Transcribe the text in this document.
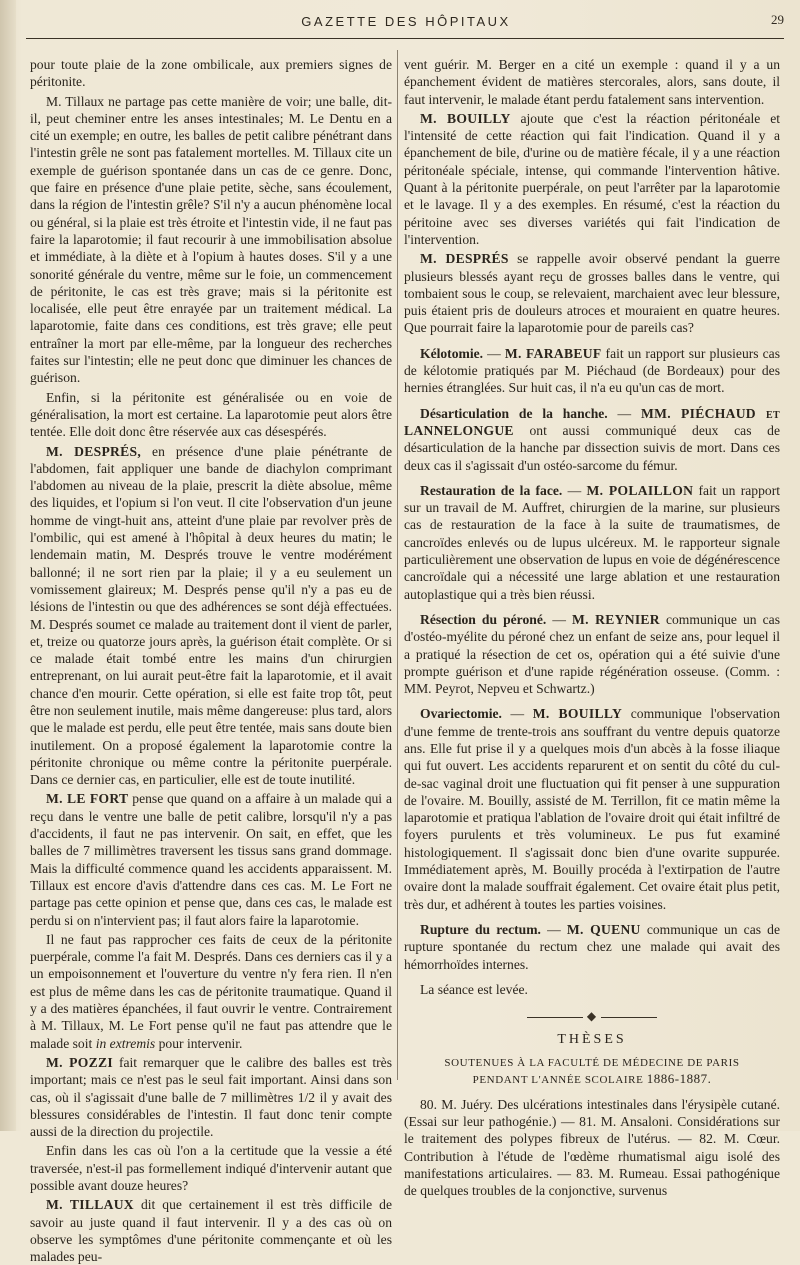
GAZETTE DES HÔPITAUX	29

pour toute plaie de la zone ombilicale, aux premiers signes de péritonite.

M. Tillaux ne partage pas cette manière de voir; une balle, dit-il, peut cheminer entre les anses intestinales; M. Le Dentu en a cité un exemple; en outre, les balles de petit calibre pénétrant dans l'intestin grêle ne sont pas fatalement mortelles. M. Tillaux cite un exemple de guérison spontanée dans un cas de ce genre. Donc, que faire en présence d'une plaie petite, sèche, sans écoulement, dans la région de l'intestin grêle? S'il n'y a aucun phénomène local ou général, si la plaie est très étroite et l'intestin vide, il ne faut pas faire la laparotomie; il faut recourir à une immobilisation absolue et immédiate, à la diète et à l'opium à hautes doses. S'il y a une sonorité générale du ventre, même sur le foie, un commencement de péritonite, le cas est très grave; mais si la péritonite est localisée, elle peut être enrayée par un traitement médical. La laparotomie, faite dans ces conditions, est très grave; elle peut entraîner la mort par elle-même, par la longueur des recherches faites sur l'intestin; elle ne peut donc que diminuer les chances de guérison.

Enfin, si la péritonite est généralisée ou en voie de généralisation, la mort est certaine. La laparotomie peut alors être tentée. Elle doit donc être réservée aux cas désespérés.

M. DESPRÉS, en présence d'une plaie pénétrante de l'abdomen, fait appliquer une bande de diachylon comprimant l'abdomen au niveau de la plaie, prescrit la diète absolue, même des liquides, et l'opium si l'on veut. Il cite l'observation d'un jeune homme de vingt-huit ans, atteint d'une plaie par revolver près de l'ombilic, qui est amené à l'hôpital à deux heures du matin; le lendemain matin, M. Després trouve le ventre modérément ballonné; il ne sort rien par la plaie; il y a eu seulement un vomissement glaireux; M. Després pense qu'il n'y a pas eu de lésions de l'intestin ou que des adhérences se sont déjà effectuées. M. Després soumet ce malade au traitement dont il vient de parler, et, treize ou quatorze jours après, la guérison était complète. Or si ce malade était tombé entre les mains d'un chirurgien entreprenant, on lui aurait peut-être fait la laparotomie, et il avait chance d'en mourir. Cette opération, si elle est faite trop tôt, peut être non seulement inutile, mais même dangereuse: plus tard, alors que le malade est perdu, elle peut être tentée, mais sans doute bien inutilement. On a proposé également la laparotomie contre la péritonite chronique ou même contre la péritonite puerpérale. Dans ce dernier cas, en particulier, elle est de toute inutilité.

M. LE FORT pense que quand on a affaire à un malade qui a reçu dans le ventre une balle de petit calibre, lorsqu'il n'y a pas d'accidents, il faut ne pas intervenir. On sait, en effet, que les balles de 7 millimètres traversent les tissus sans grand dommage. Mais la difficulté commence quand les accidents apparaissent. M. Tillaux est encore d'avis d'attendre dans ces cas. M. Le Fort ne partage pas cette opinion et pense que, dans ces cas, le malade est perdu si on n'intervient pas; il faut alors faire la laparotomie.

Il ne faut pas rapprocher ces faits de ceux de la péritonite puerpérale, comme l'a fait M. Després. Dans ces derniers cas il y a un empoisonnement et l'ouverture du ventre n'y fera rien. Il n'en est plus de même dans les cas de péritonite traumatique. Quand il y a des matières épanchées, il faut ouvrir le ventre. Contrairement à M. Tillaux, M. Le Fort pense qu'il ne faut pas attendre que le malade soit in extremis pour intervenir.

M. POZZI fait remarquer que le calibre des balles est très important; mais ce n'est pas le seul fait important. Ainsi dans son cas, où il s'agissait d'une balle de 7 millimètres 1/2 il y avait des blessures considérables de l'intestin. Il faut donc tenir compte aussi de la direction du projectile.

Enfin dans les cas où l'on a la certitude que la vessie a été traversée, n'est-il pas formellement indiqué d'intervenir autant que possible avant douze heures?

M. TILLAUX dit que certainement il est très difficile de savoir au juste quand il faut intervenir. Il y a des cas où on observe les symptômes d'une péritonite commençante et où les malades peu-

vent guérir. M. Berger en a cité un exemple : quand il y a un épanchement évident de matières stercorales, alors, sans doute, il faut intervenir, le malade étant perdu fatalement sans intervention.

M. BOUILLY ajoute que c'est la réaction péritonéale et l'intensité de cette réaction qui fait l'indication. Quand il y a épanchement de bile, d'urine ou de matière fécale, il y a une réaction péritonéale spéciale, intense, qui commande l'intervention hâtive. Quant à la péritonite puerpérale, on peut l'arrêter par la laparotomie et le lavage. Il y a des exemples. En résumé, c'est la réaction du péritoine avec ses diverses variétés qui fait l'indication de l'intervention.

M. DESPRÉS se rappelle avoir observé pendant la guerre plusieurs blessés ayant reçu de grosses balles dans le ventre, qui tombaient sous le coup, se relevaient, marchaient avec leur blessure, puis étaient pris de douleurs atroces et mouraient en quatre heures. Que pourrait faire la laparotomie pour de pareils cas?

Kélotomie. — M. FARABEUF fait un rapport sur plusieurs cas de kélotomie pratiqués par M. Piéchaud (de Bordeaux) pour des hernies étranglées. Sur huit cas, il n'a eu qu'un cas de mort.

Désarticulation de la hanche. — MM. PIÉCHAUD et LANNELONGUE ont aussi communiqué deux cas de désarticulation de la hanche par dissection suivis de mort. Dans ces deux cas il s'agissait d'un ostéo-sarcome du fémur.

Restauration de la face. — M. POLAILLON fait un rapport sur un travail de M. Auffret, chirurgien de la marine, sur plusieurs cas de restauration de la face à la suite de traumatismes, de cancroïdes enlevés ou de lupus ulcéreux. M. le rapporteur signale particulièrement une observation de lupus en voie de dégénérescence cancroïdale qui a nécessité une large ablation et une restauration autoplastique qui a très bien réussi.

Résection du péroné. — M. REYNIER communique un cas d'ostéo-myélite du péroné chez un enfant de seize ans, pour lequel il a pratiqué la résection de cet os, opération qui a été suivie d'une prompte guérison et d'une rapide régénération osseuse. (Comm. : MM. Peyrot, Nepveu et Schwartz.)

Ovariectomie. — M. BOUILLY communique l'observation d'une femme de trente-trois ans souffrant du ventre depuis quatorze ans. Elle fut prise il y a quelques mois d'un abcès à la fosse iliaque qui fut ouvert. Les accidents reparurent et on sentit du côté du cul-de-sac vaginal droit une fluctuation qui fit penser à une suppuration de l'ovaire. M. Bouilly, assisté de M. Terrillon, fit ce matin même la laparotomie et pratiqua l'ablation de l'ovaire droit qui était infiltré de foyers purulents et très volumineux. Le pus fut examiné histologiquement. Il s'agissait donc bien d'une ovarite suppurée. Immédiatement après, M. Bouilly procéda à l'extirpation de l'autre ovaire dont la malade souffrait également. Cet ovaire était plus petit, très dur, et adhérent à toutes les parties voisines.

Rupture du rectum. — M. QUENU communique un cas de rupture spontanée du rectum chez une malade qui avait des hémorrhoïdes internes.

La séance est levée.

◆
THÈSES
SOUTENUES À LA FACULTÉ DE MÉDECINE DE PARIS
PENDANT L'ANNÉE SCOLAIRE 1886-1887.

80. M. Juéry. Des ulcérations intestinales dans l'érysipèle cutané. (Essai sur leur pathogénie.) — 81. M. Ansaloni. Considérations sur le traitement des polypes fibreux de l'utérus. — 82. M. Cœur. Contribution à l'étude de l'œdème rhumatismal aigu isolé des manifestations articulaires. — 83. M. Rumeau. Essai pathogénique de quelques troubles de la conjonctive, survenus
